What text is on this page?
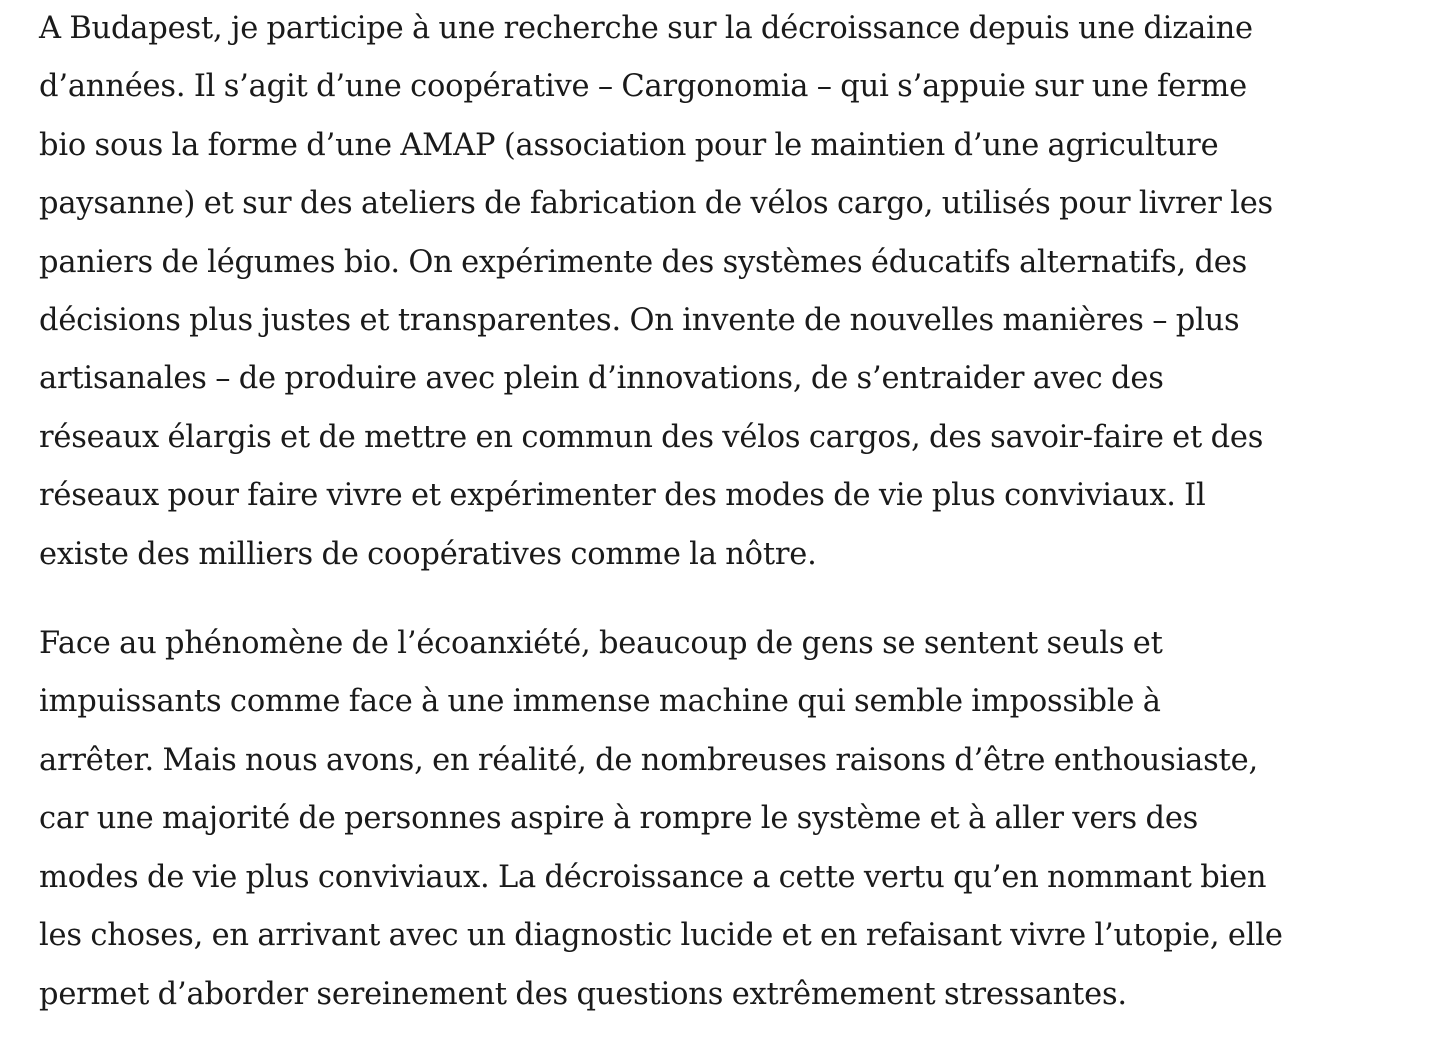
A Budapest, je participe à une recherche sur la décroissance depuis une dizaine
d’années. Il s’agit d’une coopérative – Cargonomia – qui s’appuie sur une ferme
bio sous la forme d’une AMAP (association pour le maintien d’une agriculture
paysanne) et sur des ateliers de fabrication de vélos cargo, utilisés pour livrer les
paniers de légumes bio. On expérimente des systèmes éducatifs alternatifs, des
décisions plus justes et transparentes. On invente de nouvelles manières – plus
artisanales – de produire avec plein d’innovations, de s’entraider avec des
réseaux élargis et de mettre en commun des vélos cargos, des savoir-faire et des
réseaux pour faire vivre et expérimenter des modes de vie plus conviviaux. Il
existe des milliers de coopératives comme la nôtre.

Face au phénomène de l’écoanxiété, beaucoup de gens se sentent seuls et
impuissants comme face à une immense machine qui semble impossible à
arrêter. Mais nous avons, en réalité, de nombreuses raisons d’être enthousiaste,
car une majorité de personnes aspire à rompre le système et à aller vers des
modes de vie plus conviviaux. La décroissance a cette vertu qu’en nommant bien
les choses, en arrivant avec un diagnostic lucide et en refaisant vivre l’utopie, elle
permet d’aborder sereinement des questions extrêmement stressantes.
